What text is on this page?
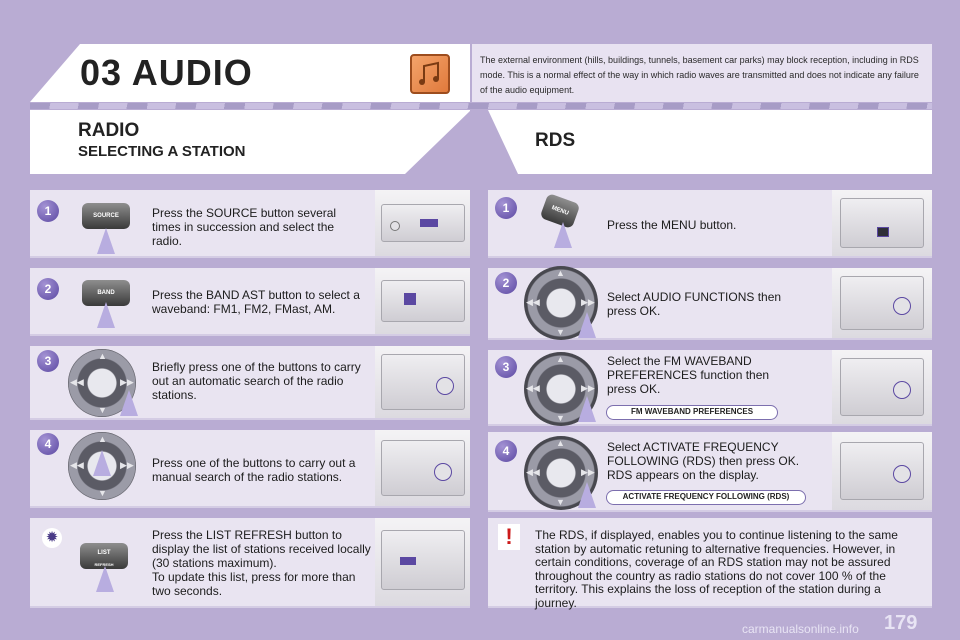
03 AUDIO	The external environment (hills, buildings, tunnels, basement car parks) may block reception, including in RDS mode. This is a normal effect of the way in which radio waves are transmitted and does not indicate any failure of the audio equipment.
RADIO
SELECTING A STATION
RDS
1	SOURCE	Press the SOURCE button several times in succession and select the radio.
2	BAND	Press the BAND AST button to select a waveband: FM1, FM2, FMast, AM.
3	▲
▼
◀◀	▶▶
Briefly press one of the buttons to carry out an automatic search of the radio stations.
4	▲
▼
◀◀	▶▶ Press one of the buttons to carry out a manual search of the radio stations.
✹
LIST
REFRESH
Press the LIST REFRESH button to display the list of stations received locally (30 stations maximum).
To update this list, press for more than two seconds.
1	MENU
Press the MENU button.
2
▲
▼
◀◀	▶▶ Select AUDIO FUNCTIONS then press OK.
3
▲
▼
◀◀	▶▶
Select the FM WAVEBAND PREFERENCES function then press OK.
FM WAVEBAND PREFERENCES
4
▲
▼
◀◀	▶▶
Select ACTIVATE FREQUENCY FOLLOWING (RDS) then press OK. RDS appears on the display.
ACTIVATE FREQUENCY FOLLOWING (RDS)
!	The RDS, if displayed, enables you to continue listening to the same station by automatic retuning to alternative frequencies. However, in certain conditions, coverage of an RDS station may not be assured throughout the country as radio stations do not cover 100 % of the territory. This explains the loss of reception of the station during a journey.
carmanualsonline.info 179
